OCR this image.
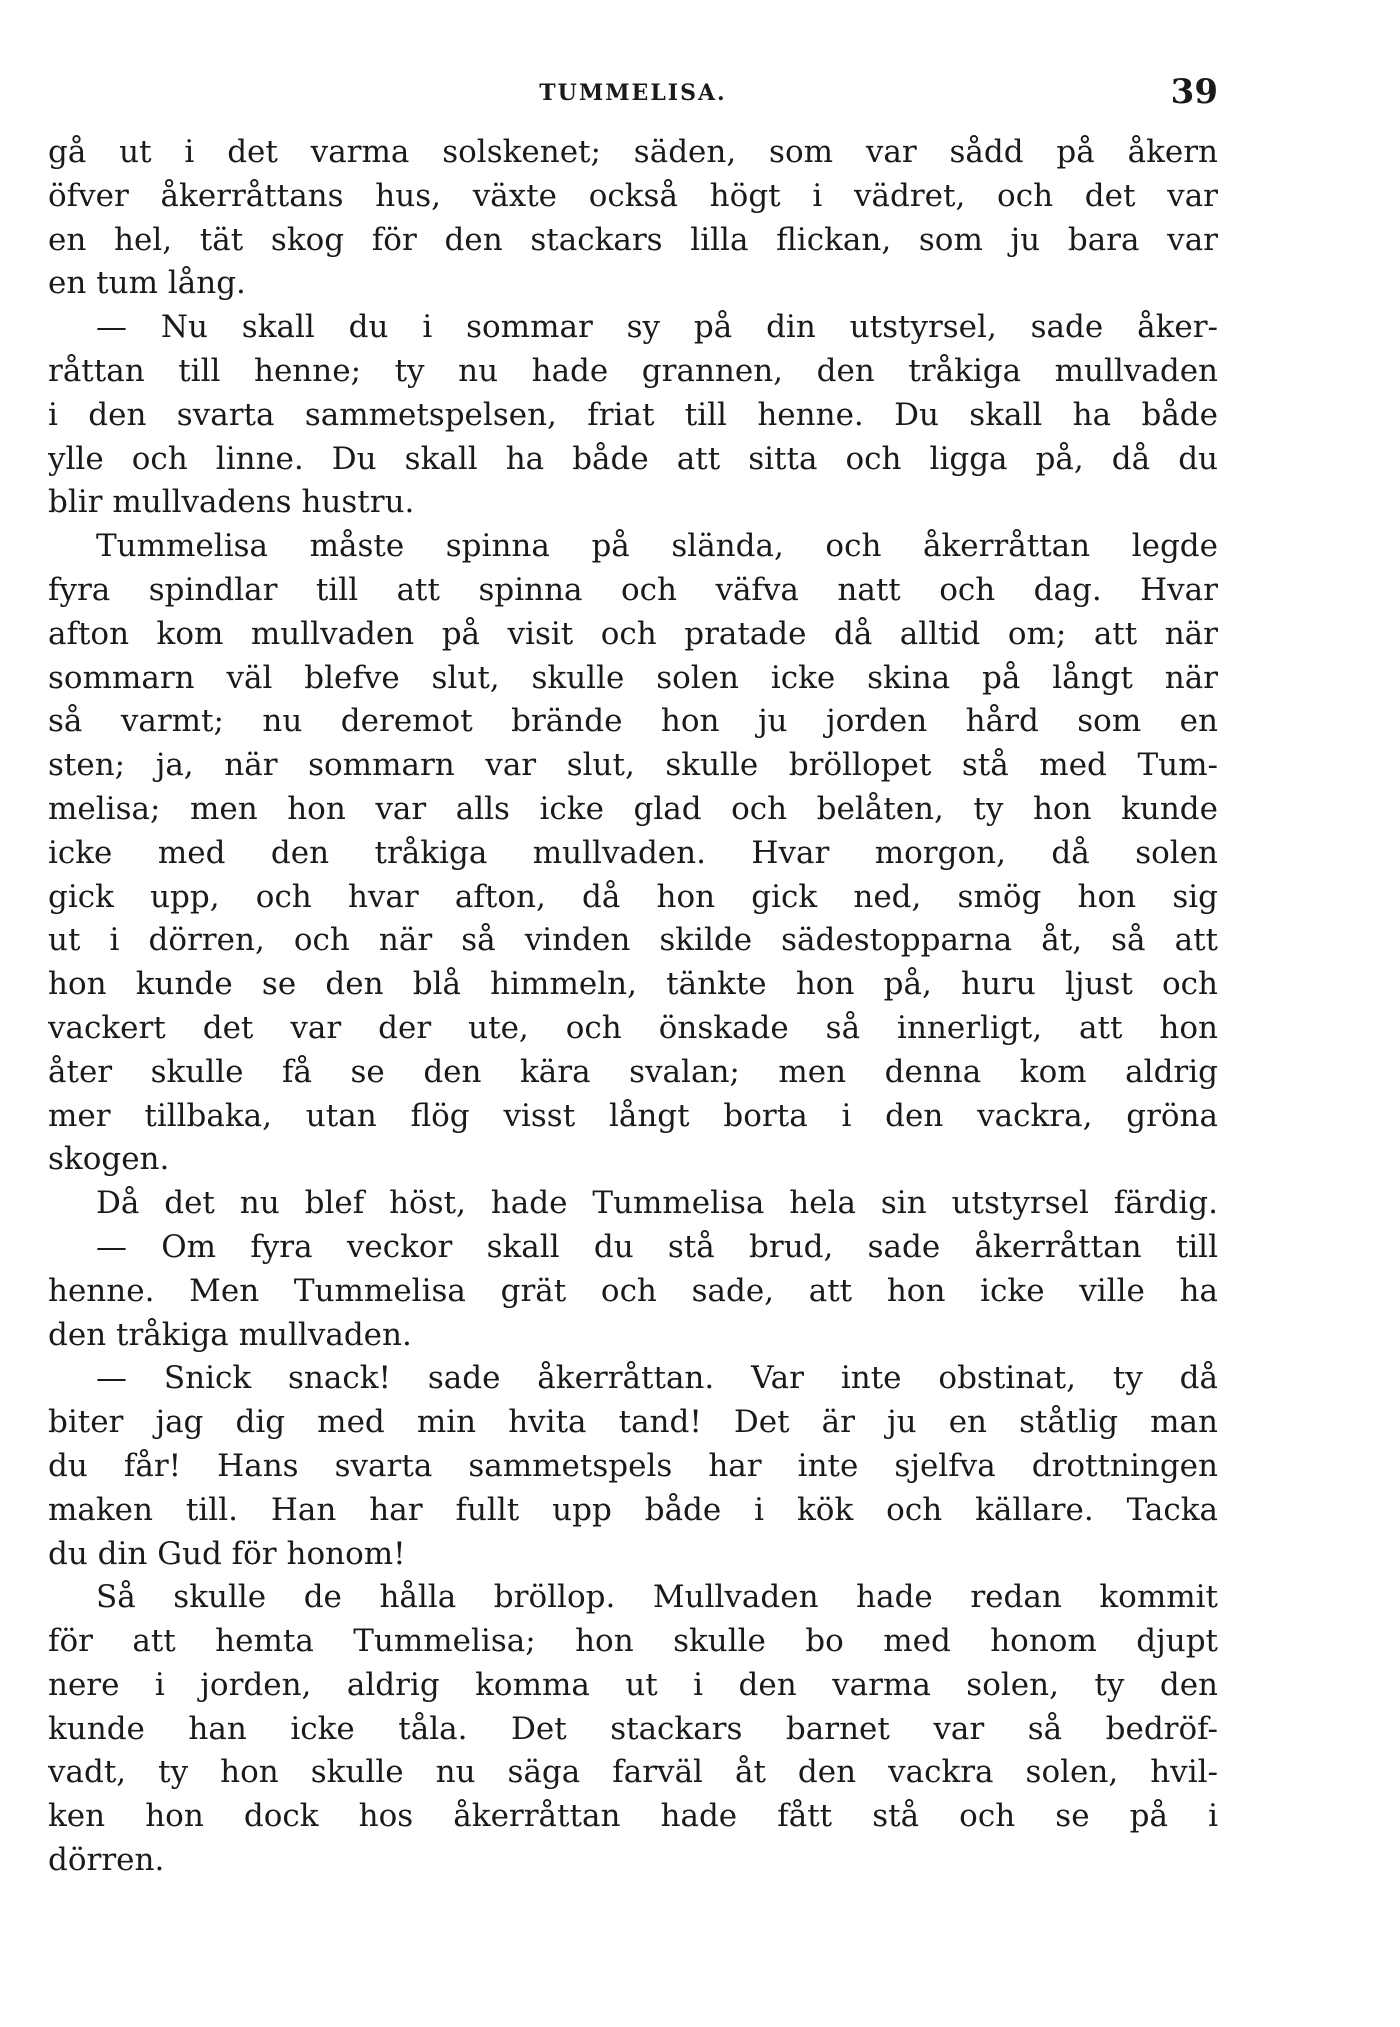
TUMMELISA.	39
gå ut i det varma solskenet; säden, som var sådd på åkern
öfver åkerråttans hus, växte också högt i vädret, och det var
en hel, tät skog för den stackars lilla flickan, som ju bara var
en tum lång.
— Nu skall du i sommar sy på din utstyrsel, sade åker-
råttan till henne; ty nu hade grannen, den tråkiga mullvaden
i den svarta sammetspelsen, friat till henne. Du skall ha både
ylle och linne. Du skall ha både att sitta och ligga på, då du
blir mullvadens hustru.
Tummelisa måste spinna på slända, och åkerråttan legde
fyra spindlar till att spinna och väfva natt och dag. Hvar
afton kom mullvaden på visit och pratade då alltid om; att när
sommarn väl blefve slut, skulle solen icke skina på långt när
så varmt; nu deremot brände hon ju jorden hård som en
sten; ja, när sommarn var slut, skulle bröllopet stå med Tum-
melisa; men hon var alls icke glad och belåten, ty hon kunde
icke med den tråkiga mullvaden. Hvar morgon, då solen
gick upp, och hvar afton, då hon gick ned, smög hon sig
ut i dörren, och när så vinden skilde sädestopparna åt, så att
hon kunde se den blå himmeln, tänkte hon på, huru ljust och
vackert det var der ute, och önskade så innerligt, att hon
åter skulle få se den kära svalan; men denna kom aldrig
mer tillbaka, utan flög visst långt borta i den vackra, gröna
skogen.
Då det nu blef höst, hade Tummelisa hela sin utstyrsel färdig.
— Om fyra veckor skall du stå brud, sade åkerråttan till
henne. Men Tummelisa grät och sade, att hon icke ville ha
den tråkiga mullvaden.
— Snick snack! sade åkerråttan. Var inte obstinat, ty då
biter jag dig med min hvita tand! Det är ju en ståtlig man
du får! Hans svarta sammetspels har inte sjelfva drottningen
maken till. Han har fullt upp både i kök och källare. Tacka
du din Gud för honom!
Så skulle de hålla bröllop. Mullvaden hade redan kommit
för att hemta Tummelisa; hon skulle bo med honom djupt
nere i jorden, aldrig komma ut i den varma solen, ty den
kunde han icke tåla. Det stackars barnet var så bedröf-
vadt, ty hon skulle nu säga farväl åt den vackra solen, hvil-
ken hon dock hos åkerråttan hade fått stå och se på i
dörren.
